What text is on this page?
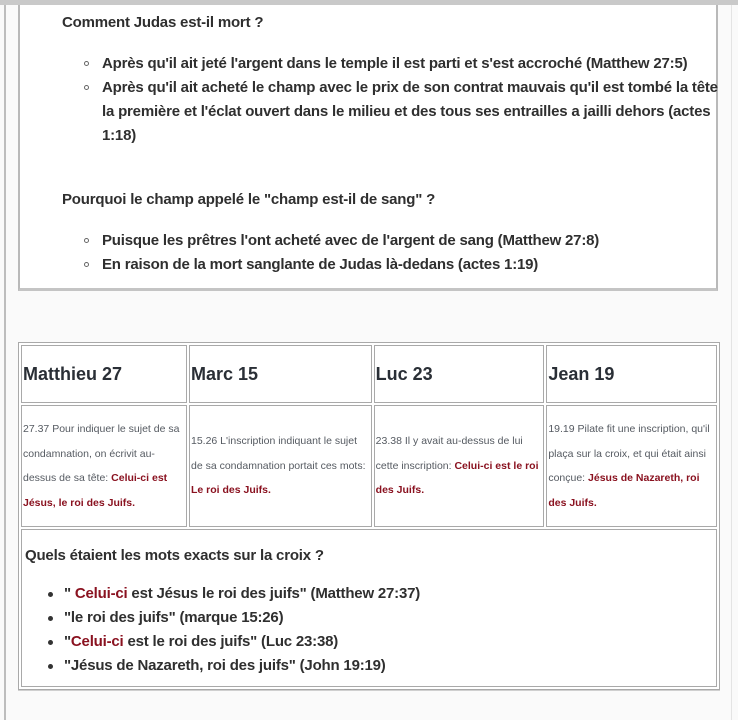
Comment Judas est-il mort ?
Après qu'il ait jeté l'argent dans le temple il est parti et s'est accroché (Matthew 27:5)
Après qu'il ait acheté le champ avec le prix de son contrat mauvais qu'il est tombé la tête la première et l'éclat ouvert dans le milieu et des tous ses entrailles a jailli dehors (actes 1:18)
Pourquoi le champ appelé le "champ est-il de sang" ?
Puisque les prêtres l'ont acheté avec de l'argent de sang (Matthew 27:8)
En raison de la mort sanglante de Judas là-dedans (actes 1:19)
Matthieu 27	Marc 15	Luc 23	Jean 19
27.37 Pour indiquer le sujet de sa condamnation, on écrivit au-dessus de sa tête: Celui-ci est Jésus, le roi des Juifs.	15.26 L'inscription indiquant le sujet de sa condamnation portait ces mots: Le roi des Juifs.	23.38 Il y avait au-dessus de lui cette inscription: Celui-ci est le roi des Juifs.	19.19 Pilate fit une inscription, qu'il plaça sur la croix, et qui était ainsi conçue: Jésus de Nazareth, roi des Juifs.

Quels étaient les mots exacts sur la croix ?
" Celui-ci est Jésus le roi des juifs" (Matthew 27:37)
"le roi des juifs" (marque 15:26)
"Celui-ci est le roi des juifs" (Luc 23:38)
"Jésus de Nazareth, roi des juifs" (John 19:19)
